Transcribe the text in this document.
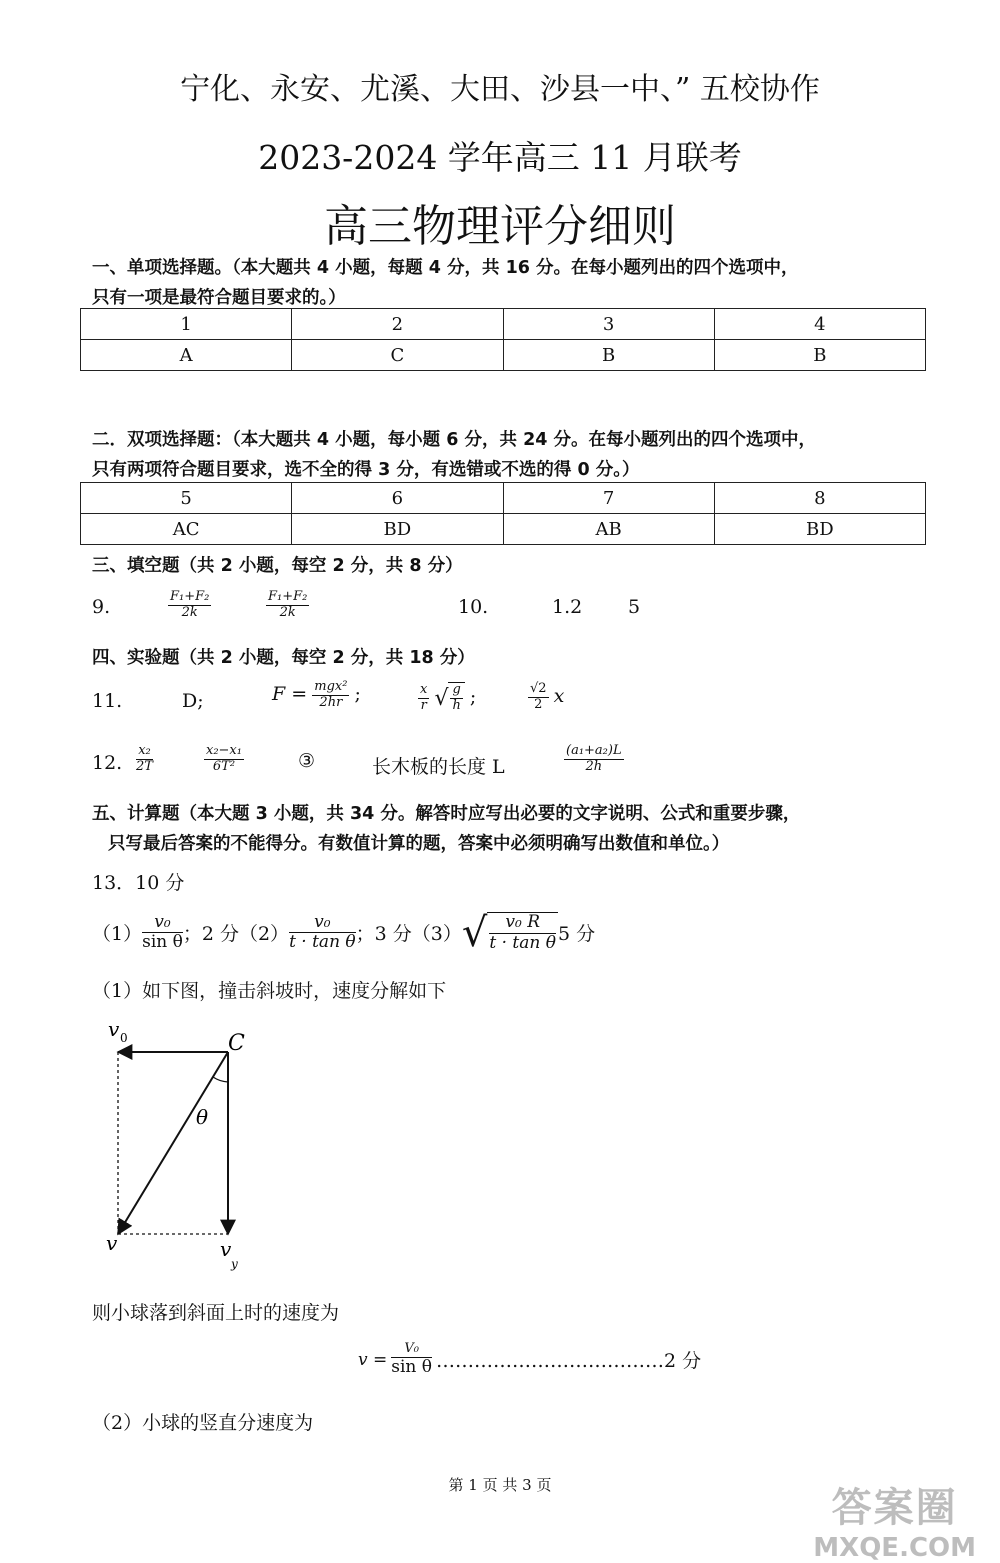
宁化、永安、尤溪、大田、沙县一中、” 五校协作
2023-2024 学年高三 11 月联考
高三物理评分细则
一、单项选择题。（本大题共 4 小题，每题 4 分，共 16 分。在每小题列出的四个选项中，
只有一项是最符合题目要求的。）
1	2	3	4
A	C	B	B
二．双项选择题：（本大题共 4 小题，每小题 6 分，共 24 分。在每小题列出的四个选项中，
只有两项符合题目要求，选不全的得 3 分，有选错或不选的得 0 分。）
5	6	7	8
AC	BD	AB	BD
三、填空题（共 2 小题，每空 2 分，共 8 分）
9.	$\frac{\text{F₁+F₂}}{2k}$	$\frac{\text{F₁+F₂}}{2k}$	10.	1.2 5
四、实验题（共 2 小题，每空 2 分，共 18 分）
11.	D;	$F = \frac{\text{mgx²}}{2hr}$ ;	$\frac{x}{r}$ √ $\frac{g}{h}$ ;	$\frac{√2}{2}$ x
12. $\frac{\text{x₂}}{2T}$	$\frac{\text{x₂−x₁}}{\text{6T²}}$	③	长木板的长度 L	$\frac{\text{(a₁+a₂)L}}{2h}$
五、计算题（本大题 3 小题，共 34 分。解答时应写出必要的文字说明、公式和重要步骤，
只写最后答案的不能得分。有数值计算的题，答案中必须明确写出数值和单位。）
13．10 分
$(1) \frac{\text{v₀}}{\text{sin θ}}$ ；2 分$(2) \frac{\text{v₀}}{\text{t · tan θ}}$ ；3 分（3） √ $\frac{\text{v₀ R}}{\text{t · tan θ}} 5$ 分
（1）如下图，撞击斜坡时，速度分解如下
v 0	C
θ
v	v
y
则小球落到斜面上时的速度为
$v = \frac{\text{V₀}}{\text{sin θ}}$ ………………………………2 分
（2）小球的竖直分速度为
第 1 页 共 3 页	答案圈
MXQE.COM
